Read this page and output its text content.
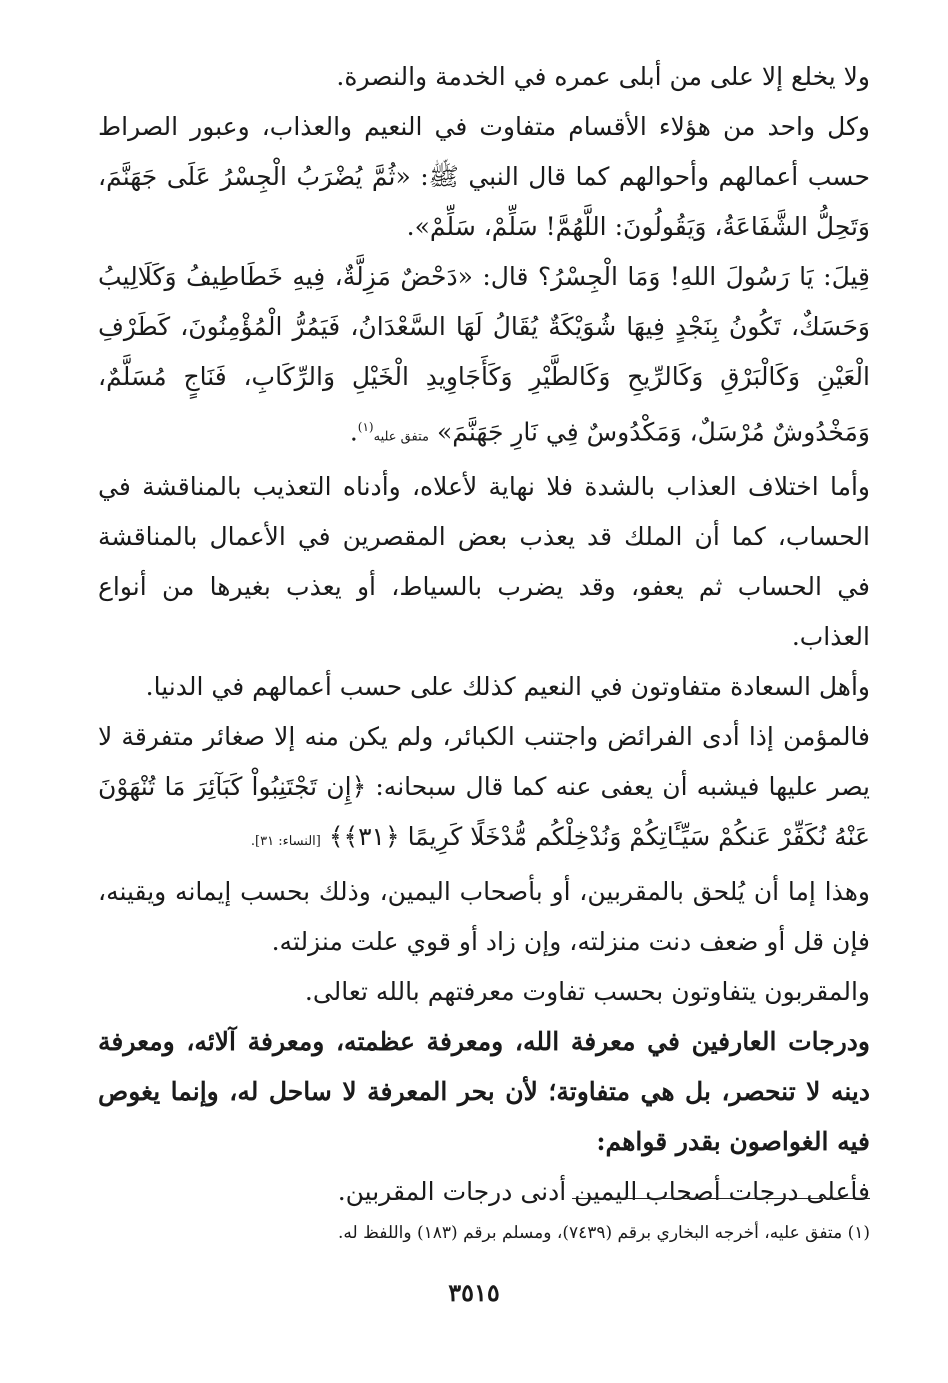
ولا يخلع إلا على من أبلى عمره في الخدمة والنصرة.

وكل واحد من هؤلاء الأقسام متفاوت في النعيم والعذاب، وعبور الصراط حسب أعمالهم وأحوالهم كما قال النبي ﷺ: «ثُمَّ يُضْرَبُ الْجِسْرُ عَلَى جَهَنَّمَ، وَتَحِلُّ الشَّفَاعَةُ، وَيَقُولُونَ: اللَّهُمَّ! سَلِّمْ، سَلِّمْ».

قِيلَ: يَا رَسُولَ اللهِ! وَمَا الْجِسْرُ؟ قال: «دَحْضٌ مَزِلَّةٌ، فِيهِ خَطَاطِيفُ وَكَلَالِيبُ وَحَسَكٌ، تَكُونُ بِنَجْدٍ فِيهَا شُوَيْكَةٌ يُقَالُ لَهَا السَّعْدَانُ، فَيَمُرُّ الْمُؤْمِنُونَ، كَطَرْفِ الْعَيْنِ وَكَالْبَرْقِ وَكَالرِّيحِ وَكَالطَّيْرِ وَكَأَجَاوِيدِ الْخَيْلِ وَالرِّكَابِ، فَنَاجٍ مُسَلَّمٌ، وَمَخْدُوشٌ مُرْسَلٌ، وَمَكْدُوسٌ فِي نَارِ جَهَنَّمَ» متفق عليه$^{(١)}$.

وأما اختلاف العذاب بالشدة فلا نهاية لأعلاه، وأدناه التعذيب بالمناقشة في الحساب، كما أن الملك قد يعذب بعض المقصرين في الأعمال بالمناقشة في الحساب ثم يعفو، وقد يضرب بالسياط، أو يعذب بغيرها من أنواع العذاب.

وأهل السعادة متفاوتون في النعيم كذلك على حسب أعمالهم في الدنيا.

فالمؤمن إذا أدى الفرائض واجتنب الكبائر، ولم يكن منه إلا صغائر متفرقة لا يصر عليها فيشبه أن يعفى عنه كما قال سبحانه: ﴿إِن تَجْتَنِبُواْ كَبَآئِرَ مَا تُنْهَوْنَ عَنْهُ نُكَفِّرْ عَنكُمْ سَيِّـَٔاتِكُمْ وَنُدْخِلْكُم مُّدْخَلًا كَرِيمًا ﴿٣١﴾﴾ [النساء: ٣١].

وهذا إما أن يُلحق بالمقربين، أو بأصحاب اليمين، وذلك بحسب إيمانه ويقينه، فإن قل أو ضعف دنت منزلته، وإن زاد أو قوي علت منزلته.

والمقربون يتفاوتون بحسب تفاوت معرفتهم بالله تعالى.

ودرجات العارفين في معرفة الله، ومعرفة عظمته، ومعرفة آلائه، ومعرفة دينه لا تنحصر، بل هي متفاوتة؛ لأن بحر المعرفة لا ساحل له، وإنما يغوص فيه الغواصون بقدر قواهم:

فأعلى درجات أصحاب اليمين أدنى درجات المقربين.

(١) متفق عليه، أخرجه البخاري برقم (٧٤٣٩)، ومسلم برقم (١٨٣) واللفظ له.
٣٥١٥
